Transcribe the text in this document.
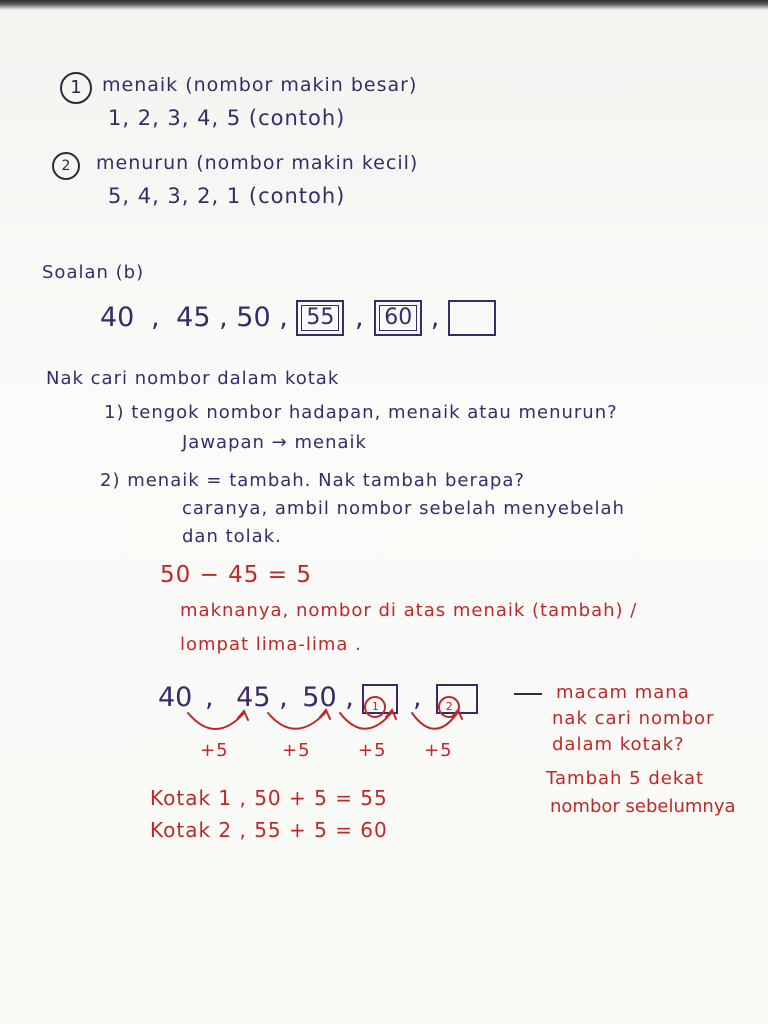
1	menaik (nombor makin besar)
1, 2, 3, 4, 5 (contoh)
2	menurun (nombor makin kecil)
5, 4, 3, 2, 1 (contoh)
Soalan (b)
40 , 45 , 50 , 55 , 60 ,
Nak cari nombor dalam kotak
1) tengok nombor hadapan, menaik atau menurun?
Jawapan → menaik
2) menaik = tambah. Nak tambah berapa?
caranya, ambil nombor sebelah menyebelah
dan tolak.
50 − 45 = 5
maknanya, nombor di atas menaik (tambah) /
lompat lima-lima .
40 , 45 , 50 , 1 , 2
+5	+5	+5 +5
macam mana
nak cari nombor
dalam kotak?
Tambah 5 dekat
nombor sebelumnya
Kotak 1 , 50 + 5 = 55
Kotak 2 , 55 + 5 = 60
